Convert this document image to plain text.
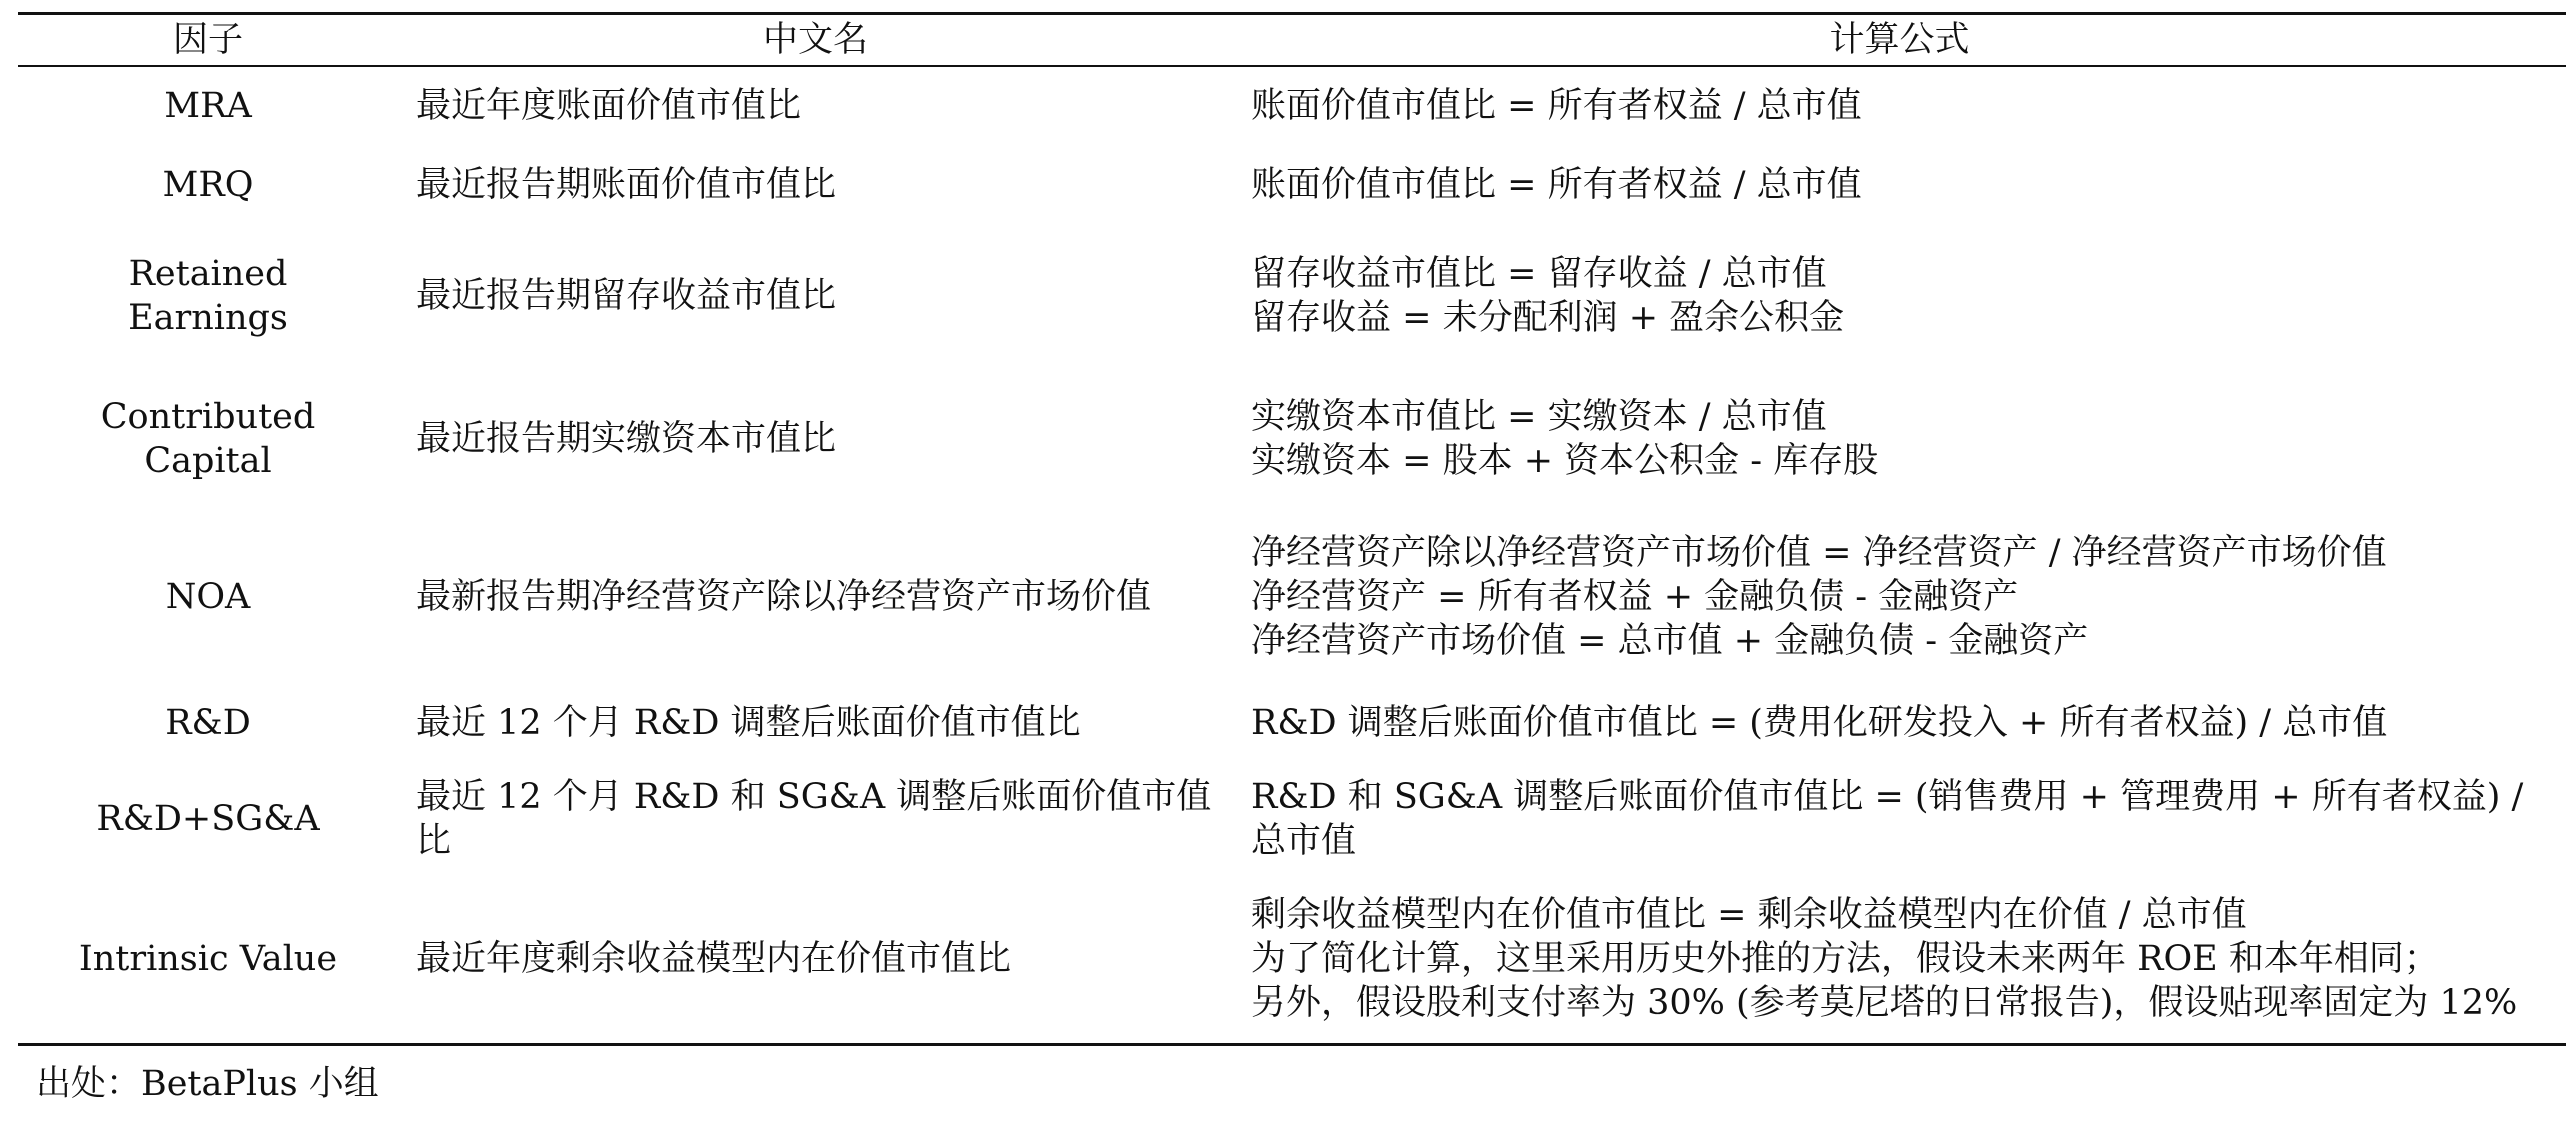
因子	中文名	计算公式

MRA	最近年度账面价值市值比	账面价值市值比 = 所有者权益 / 总市值

MRQ	最近报告期账面价值市值比	账面价值市值比 = 所有者权益 / 总市值

Retained
Earnings	最近报告期留存收益市值比	留存收益市值比 = 留存收益 / 总市值
留存收益 = 未分配利润 + 盈余公积金

Contributed
Capital	最近报告期实缴资本市值比	实缴资本市值比 = 实缴资本 / 总市值
实缴资本 = 股本 + 资本公积金 - 库存股

NOA	最新报告期净经营资产除以净经营资产市场价值	净经营资产除以净经营资产市场价值 = 净经营资产 / 净经营资产市场价值
净经营资产 = 所有者权益 + 金融负债 - 金融资产
净经营资产市场价值 = 总市值 + 金融负债 - 金融资产

R&D	最近 12 个月 R&D 调整后账面价值市值比	R&D 调整后账面价值市值比 = (费用化研发投入 + 所有者权益) / 总市值

R&D+SG&A	最近 12 个月 R&D 和 SG&A 调整后账面价值市值比	R&D 和 SG&A 调整后账面价值市值比 = (销售费用 + 管理费用 + 所有者权益) / 总市值

Intrinsic Value	最近年度剩余收益模型内在价值市值比	剩余收益模型内在价值市值比 = 剩余收益模型内在价值 / 总市值
为了简化计算，这里采用历史外推的方法，假设未来两年 ROE 和本年相同；
另外，假设股利支付率为 30% (参考莫尼塔的日常报告)，假设贴现率固定为 12%
出处：BetaPlus 小组
